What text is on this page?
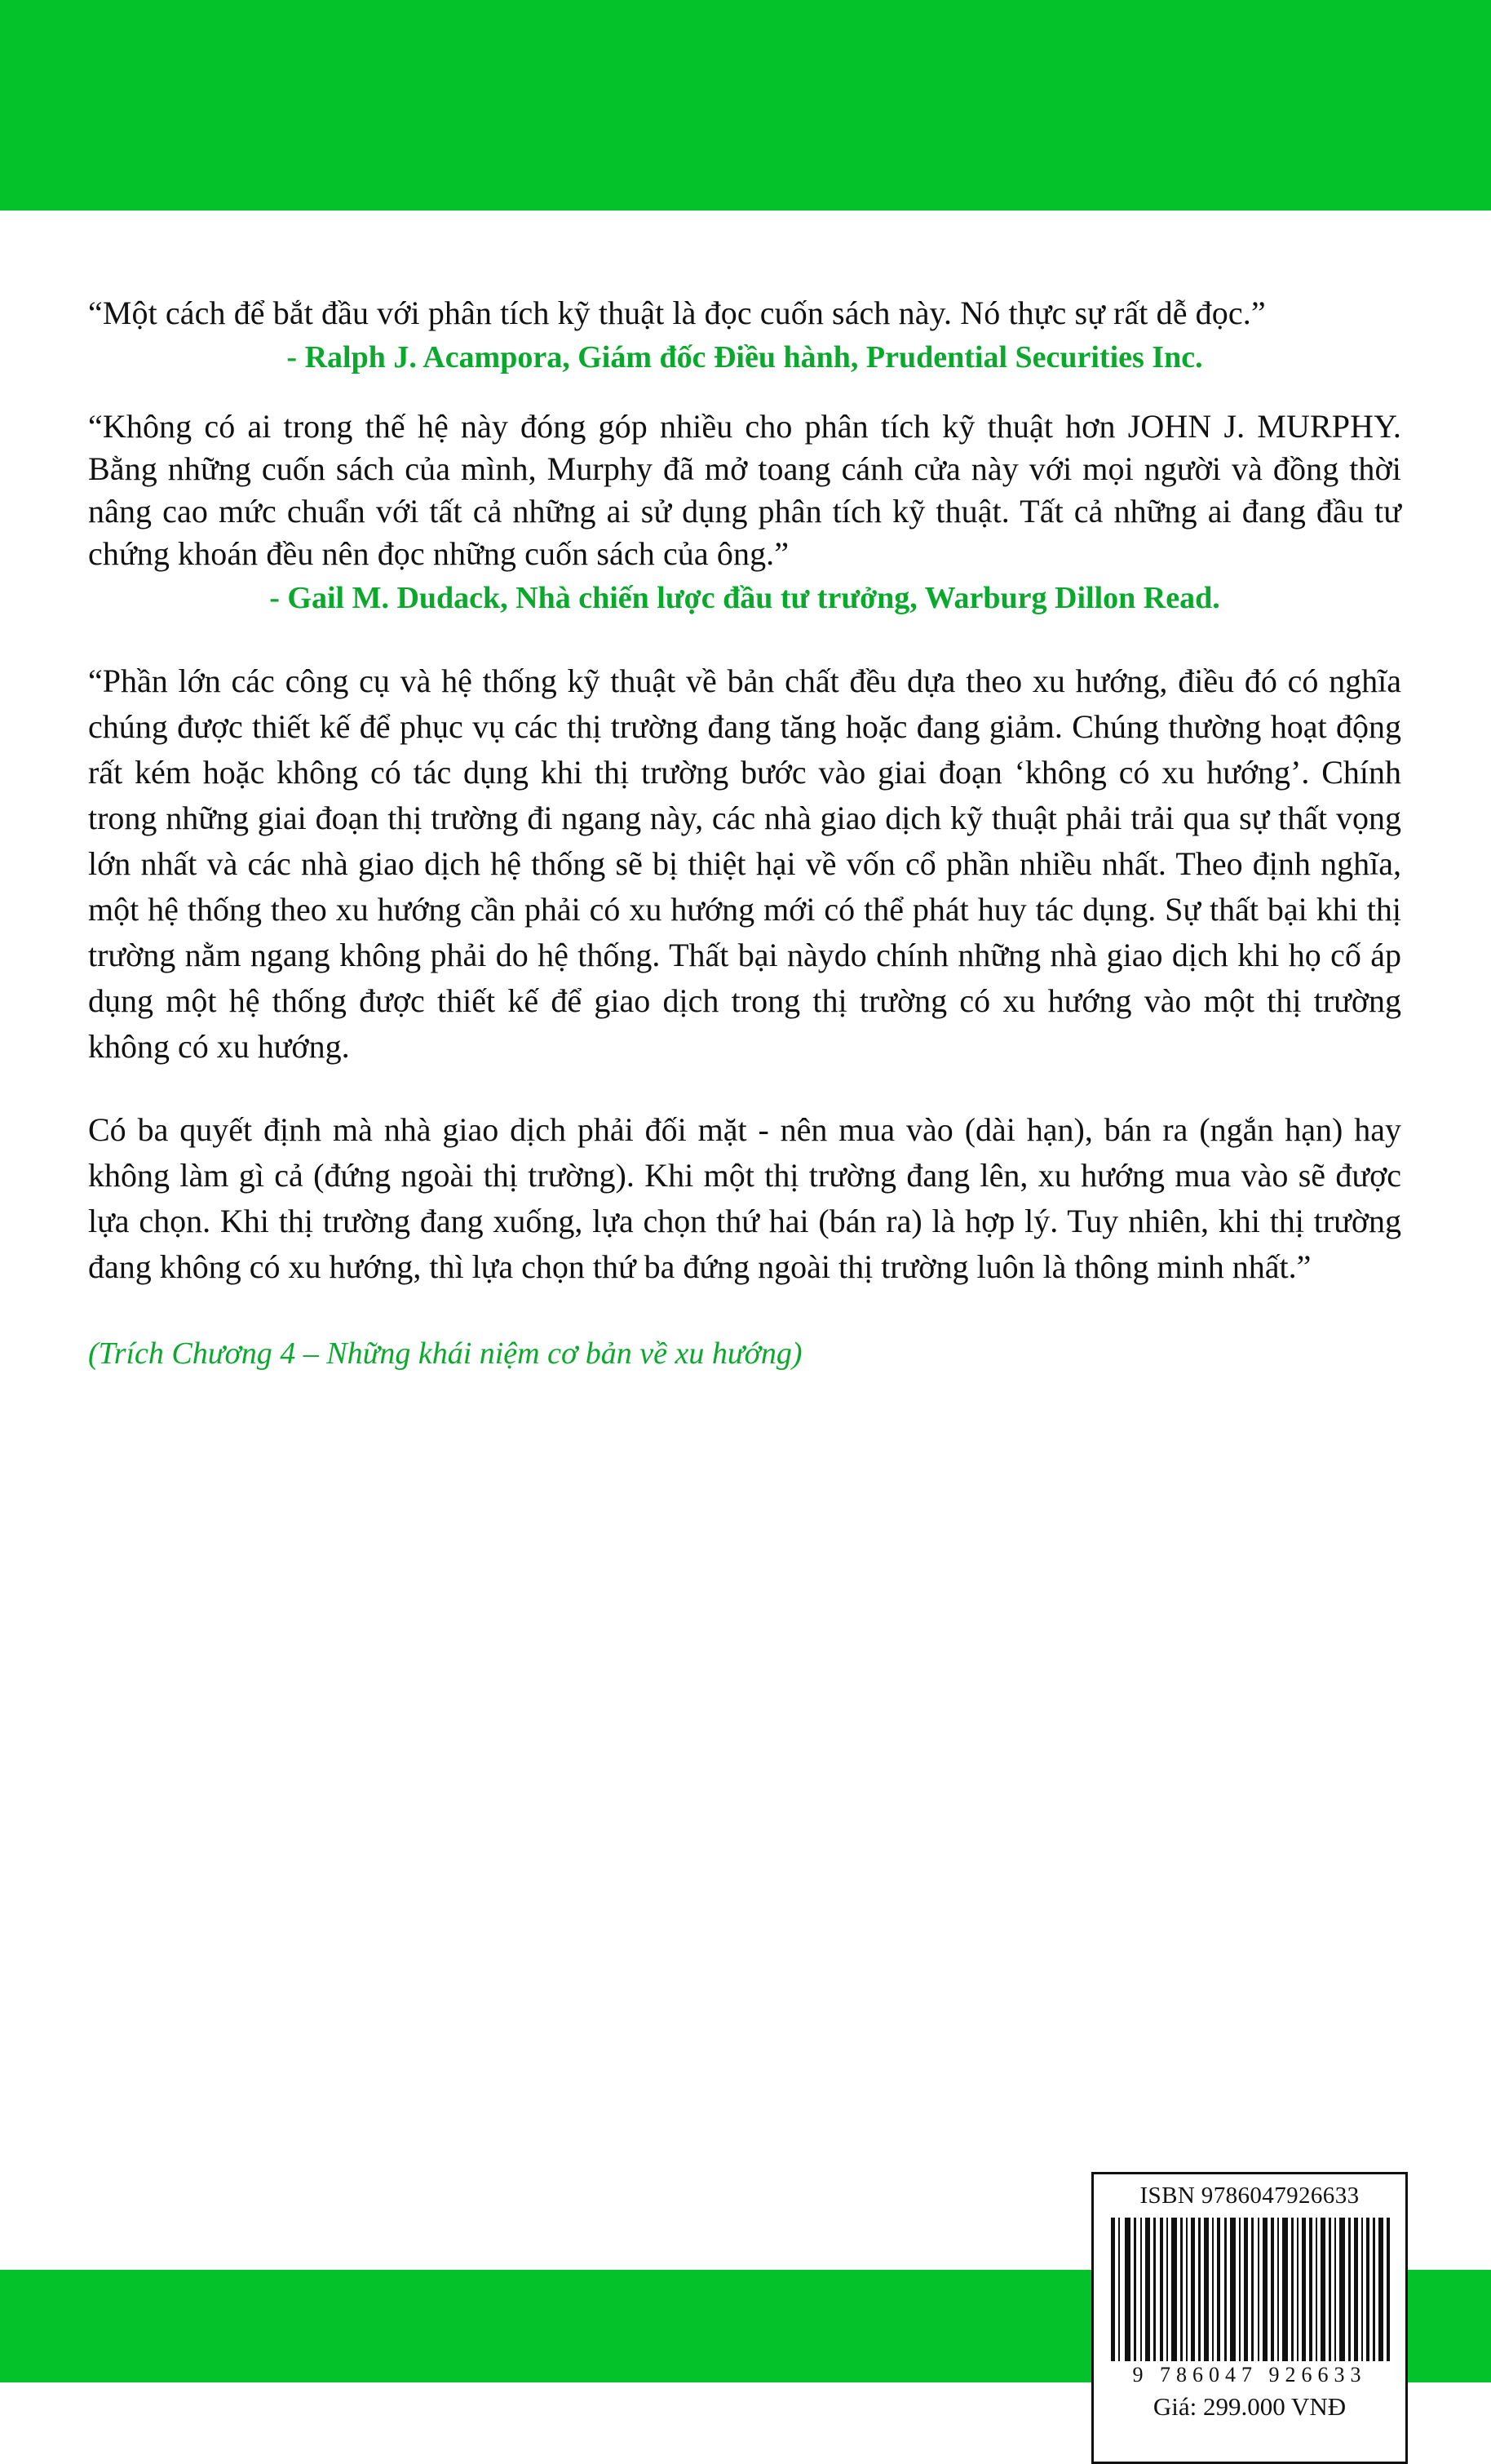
“Một cách để bắt đầu với phân tích kỹ thuật là đọc cuốn sách này. Nó thực sự rất dễ đọc.”
- Ralph J. Acampora, Giám đốc Điều hành, Prudential Securities Inc.
“Không có ai trong thế hệ này đóng góp nhiều cho phân tích kỹ thuật hơn JOHN J. MURPHY. Bằng những cuốn sách của mình, Murphy đã mở toang cánh cửa này với mọi người và đồng thời nâng cao mức chuẩn với tất cả những ai sử dụng phân tích kỹ thuật. Tất cả những ai đang đầu tư chứng khoán đều nên đọc những cuốn sách của ông.”
- Gail M. Dudack, Nhà chiến lược đầu tư trưởng, Warburg Dillon Read.
“Phần lớn các công cụ và hệ thống kỹ thuật về bản chất đều dựa theo xu hướng, điều đó có nghĩa chúng được thiết kế để phục vụ các thị trường đang tăng hoặc đang giảm. Chúng thường hoạt động rất kém hoặc không có tác dụng khi thị trường bước vào giai đoạn ‘không có xu hướng’. Chính trong những giai đoạn thị trường đi ngang này, các nhà giao dịch kỹ thuật phải trải qua sự thất vọng lớn nhất và các nhà giao dịch hệ thống sẽ bị thiệt hại về vốn cổ phần nhiều nhất. Theo định nghĩa, một hệ thống theo xu hướng cần phải có xu hướng mới có thể phát huy tác dụng. Sự thất bại khi thị trường nằm ngang không phải do hệ thống. Thất bại nàydo chính những nhà giao dịch khi họ cố áp dụng một hệ thống được thiết kế để giao dịch trong thị trường có xu hướng vào một thị trường không có xu hướng.
Có ba quyết định mà nhà giao dịch phải đối mặt - nên mua vào (dài hạn), bán ra (ngắn hạn) hay không làm gì cả (đứng ngoài thị trường). Khi một thị trường đang lên, xu hướng mua vào sẽ được lựa chọn. Khi thị trường đang xuống, lựa chọn thứ hai (bán ra) là hợp lý. Tuy nhiên, khi thị trường đang không có xu hướng, thì lựa chọn thứ ba đứng ngoài thị trường luôn là thông minh nhất.”
(Trích Chương 4 – Những khái niệm cơ bản về xu hướng)
ISBN 9786047926633
9 786047 926633
Giá: 299.000 VNĐ
